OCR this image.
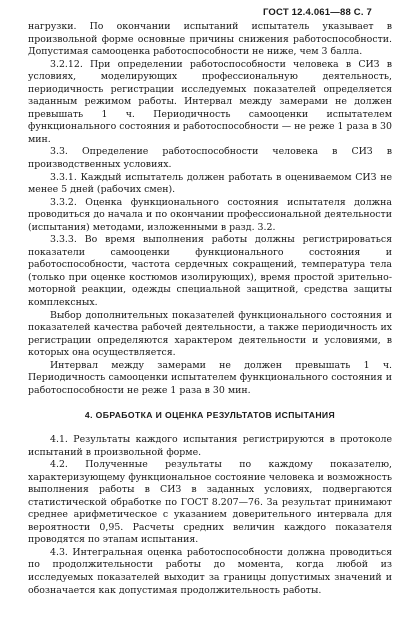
ГОСТ 12.4.061—88 С. 7

нагрузки. По окончании испытаний испытатель указывает в произвольной форме основные причины снижения работоспособности. Допустимая самооценка работоспособности не ниже, чем 3 балла.

3.2.12. При определении работоспособности человека в СИЗ в условиях, моделирующих профессиональную деятельность, периодичность регистрации исследуемых показателей определяется заданным режимом работы. Интервал между замерами не должен превышать 1 ч. Периодичность самооценки испытателем функционального состояния и работоспособности — не реже 1 раза в 30 мин.

3.3. Определение работоспособности человека в СИЗ в производственных условиях.

3.3.1. Каждый испытатель должен работать в оцениваемом СИЗ не менее 5 дней (рабочих смен).

3.3.2. Оценка функционального состояния испытателя должна проводиться до начала и по окончании профессиональной деятельности (испытания) методами, изложенными в разд. 3.2.

3.3.3. Во время выполнения работы должны регистрироваться показатели самооценки функционального состояния и работоспособности, частота сердечных сокращений, температура тела (только при оценке костюмов изолирующих), время простой зрительно-моторной реакции, одежды специальной защитной, средства защиты комплексных.

Выбор дополнительных показателей функционального состояния и показателей качества рабочей деятельности, а также периодичность их регистрации определяются характером деятельности и условиями, в которых она осуществляется.

Интервал между замерами не должен превышать 1 ч. Периодичность самооценки испытателем функционального состояния и работоспособности не реже 1 раза в 30 мин.

4. ОБРАБОТКА И ОЦЕНКА РЕЗУЛЬТАТОВ ИСПЫТАНИЯ

4.1. Результаты каждого испытания регистрируются в протоколе испытаний в произвольной форме.

4.2. Полученные результаты по каждому показателю, характеризующему функциональное состояние человека и возможность выполнения работы в СИЗ в заданных условиях, подвергаются статистической обработке по ГОСТ 8.207—76. За результат принимают среднее арифметическое с указанием доверительного интервала для вероятности 0,95. Расчеты средних величин каждого показателя проводятся по этапам испытания.

4.3. Интегральная оценка работоспособности должна проводиться по продолжительности работы до момента, когда любой из исследуемых показателей выходит за границы допустимых значений и обозначается как допустимая продолжительность работы.
